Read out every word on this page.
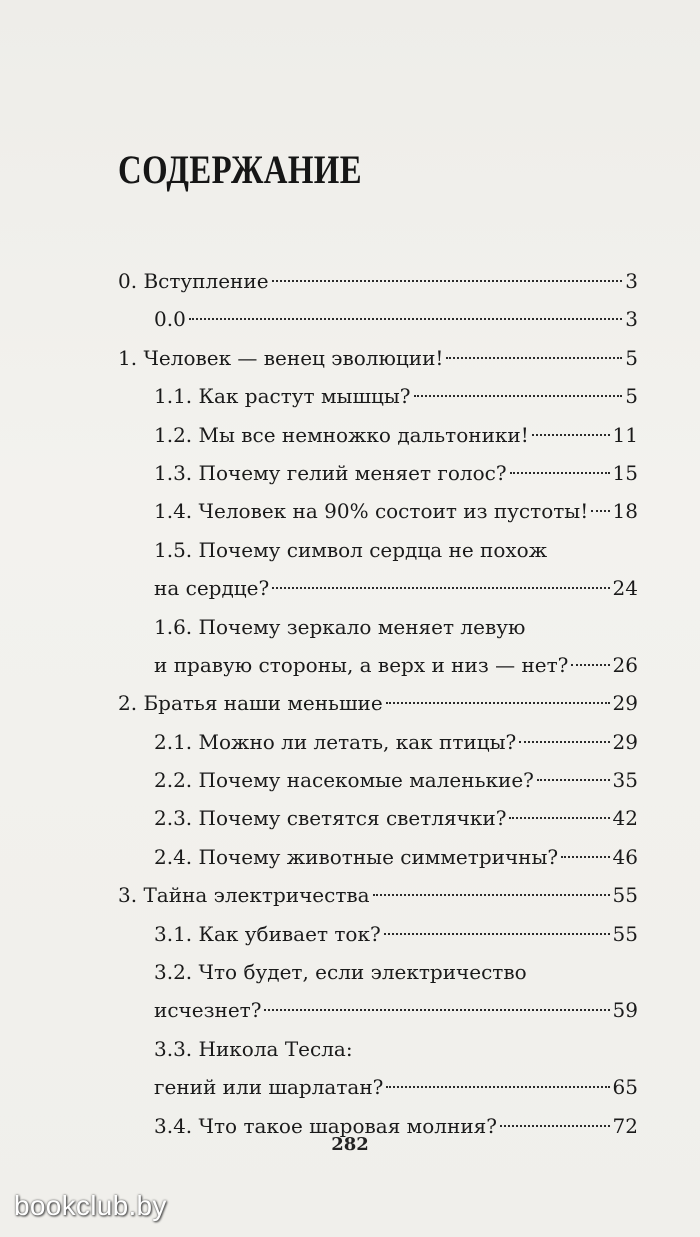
СОДЕРЖАНИЕ
0. Вступление	3
0.0	3
1. Человек — венец эволюции!	5
1.1. Как растут мышцы?	5
1.2. Мы все немножко дальтоники!	11
1.3. Почему гелий меняет голос?	15
1.4. Человек на 90% состоит из пустоты! 18
1.5. Почему символ сердца не похож
на сердце?	24
1.6. Почему зеркало меняет левую
и правую стороны, а верх и низ — нет? 26
2. Братья наши меньшие	29
2.1. Можно ли летать, как птицы?	29
2.2. Почему насекомые маленькие?	35
2.3. Почему светятся светлячки?	42
2.4. Почему животные симметричны?	46
3. Тайна электричества	55
3.1. Как убивает ток?	55
3.2. Что будет, если электричество
исчезнет?	59
3.3. Никола Тесла:
гений или шарлатан?	65
3.4. Что такое шаровая молния?	72
282
bookclub.by
